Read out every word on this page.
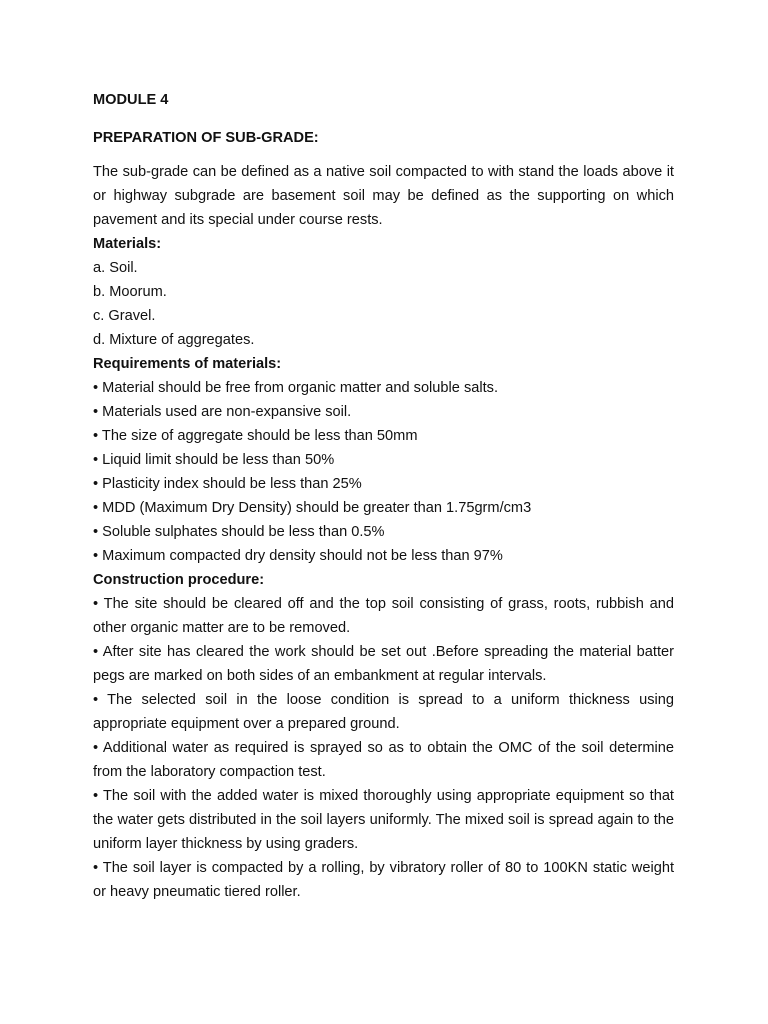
MODULE 4

PREPARATION OF SUB-GRADE:

The sub-grade can be defined as a native soil compacted to with stand the loads above it or highway subgrade are basement soil may be defined as the supporting on which pavement and its special under course rests.

Materials:

a. Soil.

b. Moorum.

c. Gravel.

d. Mixture of aggregates.

Requirements of materials:

• Material should be free from organic matter and soluble salts.

• Materials used are non-expansive soil.

• The size of aggregate should be less than 50mm

• Liquid limit should be less than 50%

• Plasticity index should be less than 25%

• MDD (Maximum Dry Density) should be greater than 1.75grm/cm3

• Soluble sulphates should be less than 0.5%

• Maximum compacted dry density should not be less than 97%

Construction procedure:

• The site should be cleared off and the top soil consisting of grass, roots, rubbish and other organic matter are to be removed.

• After site has cleared the work should be set out .Before spreading the material batter pegs are marked on both sides of an embankment at regular intervals.

• The selected soil in the loose condition is spread to a uniform thickness using appropriate equipment over a prepared ground.

• Additional water as required is sprayed so as to obtain the OMC of the soil determine from the laboratory compaction test.

• The soil with the added water is mixed thoroughly using appropriate equipment so that the water gets distributed in the soil layers uniformly. The mixed soil is spread again to the uniform layer thickness by using graders.

• The soil layer is compacted by a rolling, by vibratory roller of 80 to 100KN static weight or heavy pneumatic tiered roller.
